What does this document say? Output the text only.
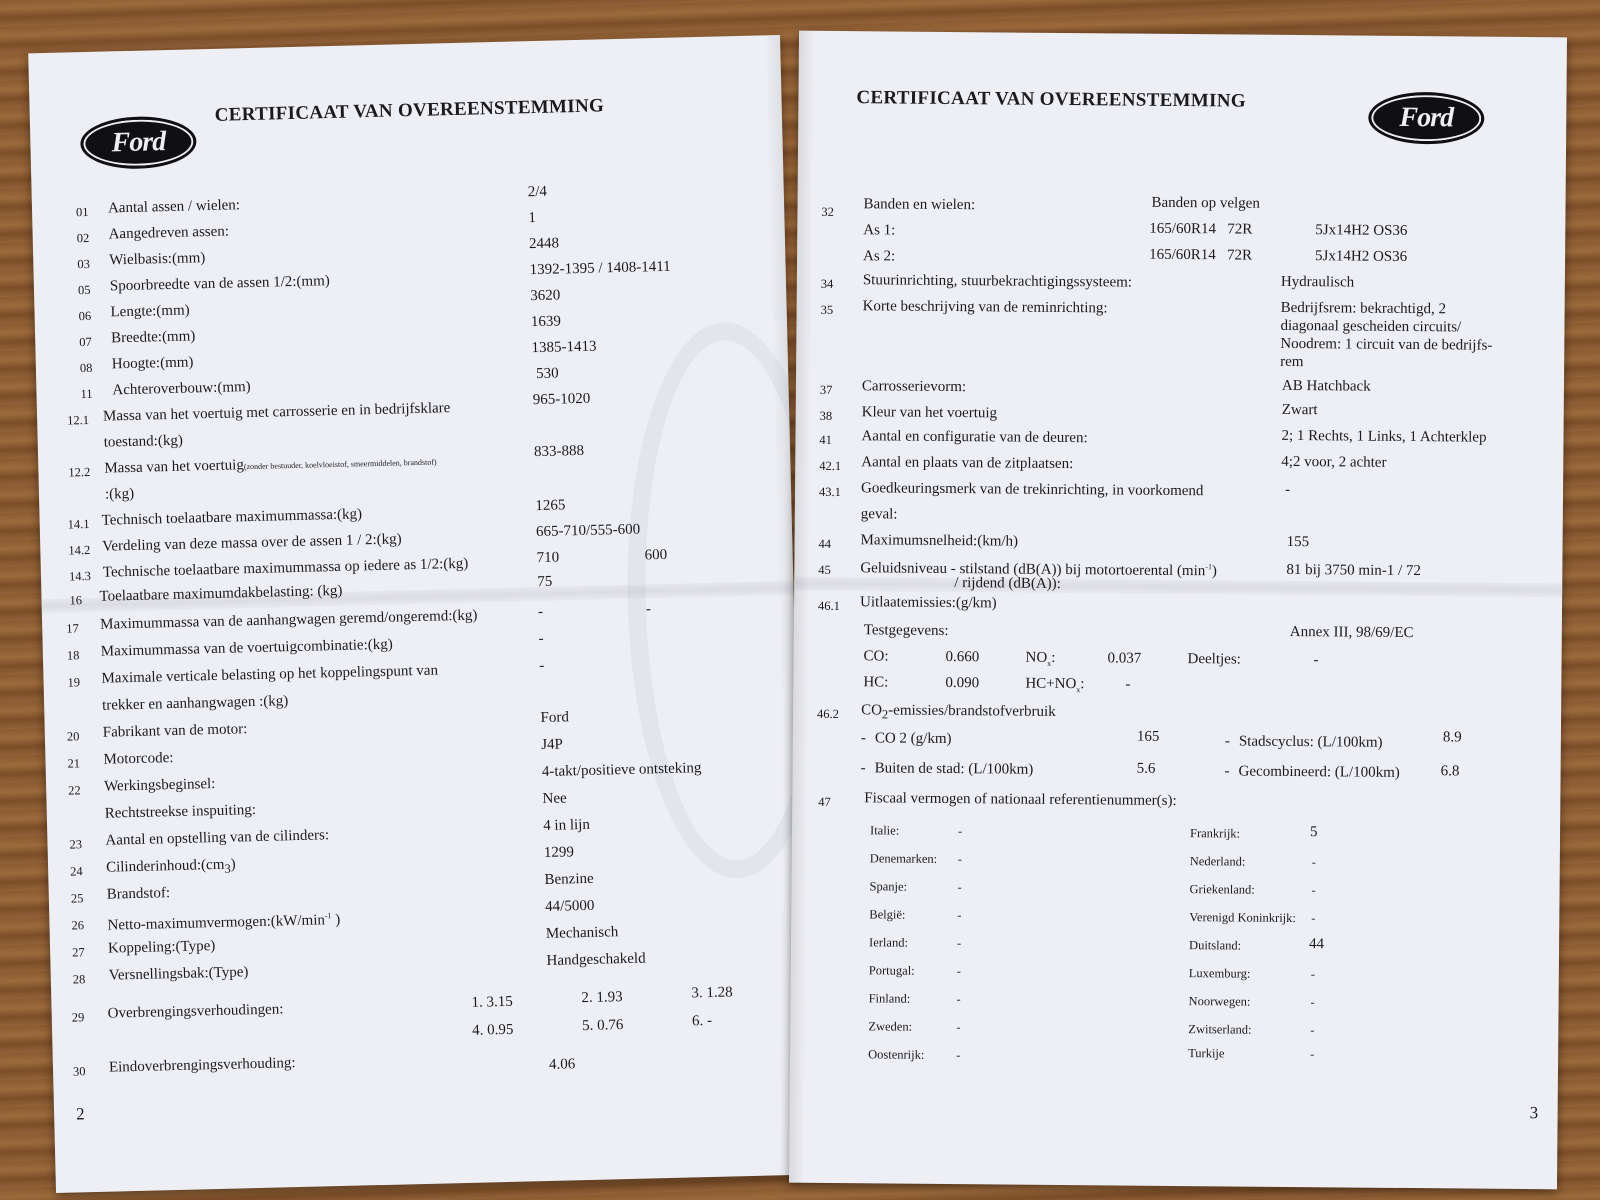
Ford
CERTIFICAAT VAN OVEREENSTEMMING
01 Aantal assen / wielen:
2/4
02 Aangedreven assen:
1
03 Wielbasis:(mm)
2448
05 Spoorbreedte van de assen 1/2:(mm)
1392-1395 / 1408-1411
06 Lengte:(mm)
3620
07 Breedte:(mm)
1639
08 Hoogte:(mm)
1385-1413
11 Achteroverbouw:(mm)
530
12.1 Massa van het voertuig met carrosserie en in bedrijfsklare
toestand:(kg)
965-1020
12.2 Massa van het voertuig(zonder bestuuder, koelvloeistof, smeermiddelen, brandstof)
:(kg)
833-888
14.1 Technisch toelaatbare maximummassa:(kg)
1265
14.2 Verdeling van deze massa over de assen 1 / 2:(kg)
665-710/555-600
14.3 Technische toelaatbare maximummassa op iedere as 1/2:(kg)	710	600
16 Toelaatbare maximumdakbelasting: (kg)
75
17 Maximummassa van de aanhangwagen geremd/ongeremd:(kg)	-	-
18 Maximummassa van de voertuigcombinatie:(kg)	-
19 Maximale verticale belasting op het koppelingspunt van
trekker en aanhangwagen :(kg)
-
20 Fabrikant van de motor:
Ford
21 Motorcode:
J4P
22 Werkingsbeginsel:
4-takt/positieve ontsteking
Rechtstreekse inspuiting:
Nee
23 Aantal en opstelling van de cilinders:
4 in lijn
24 $Cilinderinhoud:(cm_3)$
1299
25 Brandstof:
Benzine
26 Netto-$maximumvermogen:(kW/\min^{-1}$ )
44/5000
27 Koppeling:(Type)
Mechanisch
28 Versnellingsbak:(Type)
Handgeschakeld
29 Overbrengingsverhoudingen:	1. 3.15	2. 1.93	3. 1.28
4. 0.95	5. 0.76	6. -
30 Eindoverbrengingsverhouding:	4.06
2
CERTIFICAAT VAN OVEREENSTEMMING
Ford
32 Banden en wielen:	Banden op velgen
As 1:	165/60R14 72R	5Jx14H2 OS36
As 2:	165/60R14 72R	5Jx14H2 OS36
34 Stuurinrichting, stuurbekrachtigingssysteem:	Hydraulisch
35 Korte beschrijving van de reminrichting:	Bedrijfsrem: bekrachtigd, 2
diagonaal gescheiden circuits/
Noodrem: 1 circuit van de bedrijfs-
rem
37 Carrosserievorm:	AB Hatchback
38 Kleur van het voertuig	Zwart
41 Aantal en configuratie van de deuren:	2; 1 Rechts, 1 Links, 1 Achterklep
42.1 Aantal en plaats van de zitplaatsen:	4;2 voor, 2 achter
43.1 Goedkeuringsmerk van de trekinrichting, in voorkomend
geval:
-
44 Maximumsnelheid:(km/h)	155
45 Geluidsniveau - stilstand (dB(A)) bij motortoerental $(\min^{-1})$
/ rijdend (dB(A)):
81 bij 3750 min-1 / 72
46.1 Uitlaatemissies:(g/km)
Testgegevens:	Annex III, 98/69/EC
CO:	0.660	$NO_x$:	0.037	Deeltjes:	-
HC:	0.090	$HC+NO_x$:	-
46.2 $CO_2-emissies$/brandstofverbruik
- CO 2 (g/km)	165	- Stadscyclus: (L/100km)	8.9
- Buiten de stad: (L/100km)	5.6	- Gecombineerd: (L/100km)	6.8
47 Fiscaal vermogen of nationaal referentienummer(s):
Italie:	-
Denemarken: -
Spanje:	-
België:	-
Ierland:	-
Portugal:	-
Finland:	-
Zweden:	-
Oostenrijk:	-
Frankrijk:	5
Nederland:	-
Griekenland:	-
Verenigd Koninkrijk: -
Duitsland:	44
Luxemburg:	-
Noorwegen:	-
Zwitserland:	-
Turkije	-
3
